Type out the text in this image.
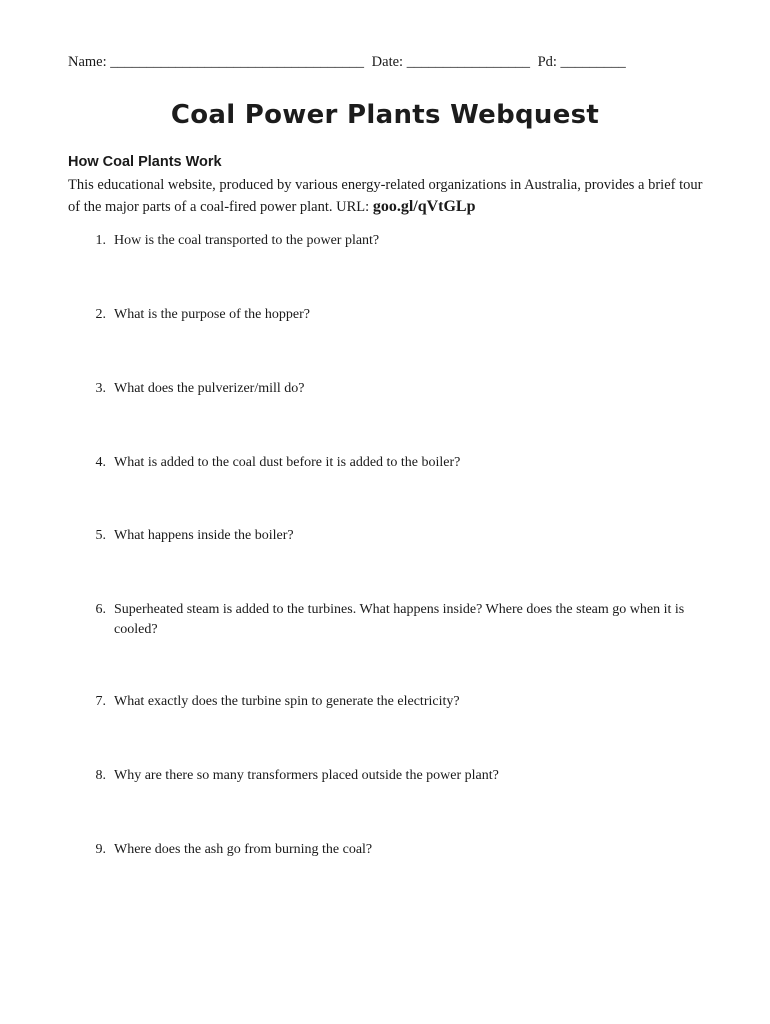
Name: ___________________________________ Date: _________________ Pd: _________
Coal Power Plants Webquest
How Coal Plants Work
This educational website, produced by various energy-related organizations in Australia, provides a brief tour of the major parts of a coal-fired power plant. URL: goo.gl/qVtGLp
1. How is the coal transported to the power plant?
2. What is the purpose of the hopper?
3. What does the pulverizer/mill do?
4. What is added to the coal dust before it is added to the boiler?
5. What happens inside the boiler?
6. Superheated steam is added to the turbines. What happens inside? Where does the steam go when it is cooled?
7. What exactly does the turbine spin to generate the electricity?
8. Why are there so many transformers placed outside the power plant?
9. Where does the ash go from burning the coal?
